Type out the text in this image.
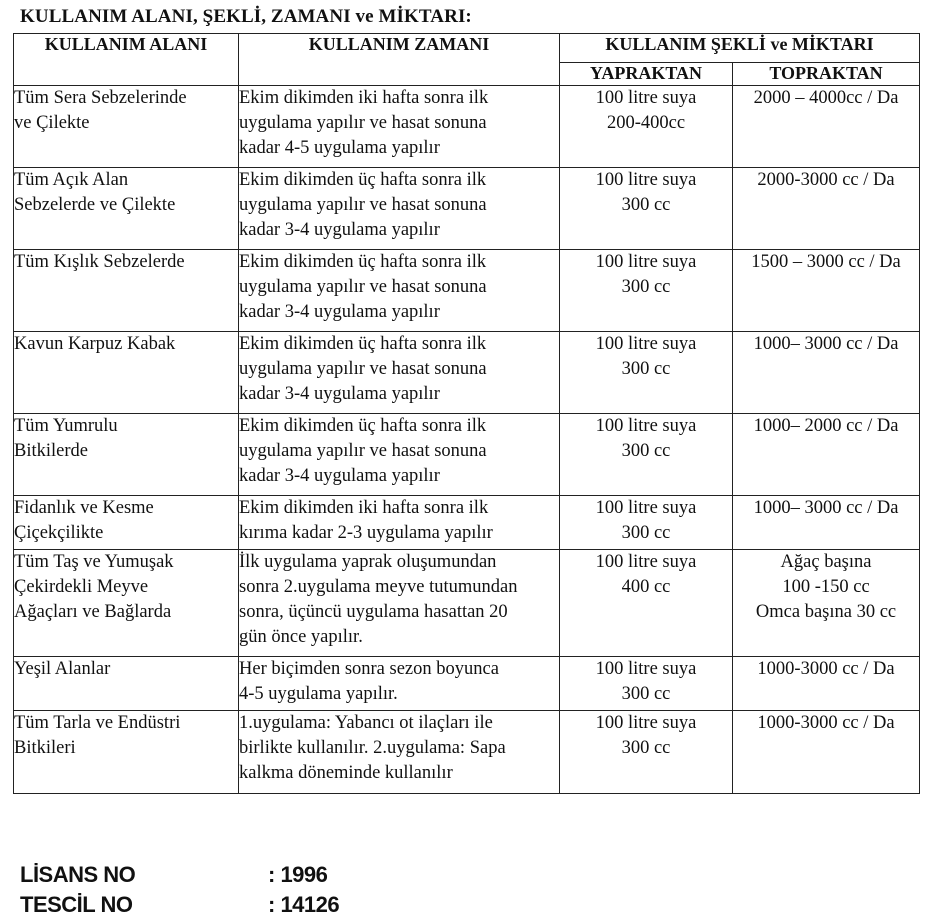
KULLANIM ALANI, ŞEKLİ, ZAMANI ve MİKTARI:
KULLANIM ALANI	KULLANIM ZAMANI	KULLANIM ŞEKLİ ve MİKTARI	
		YAPRAKTAN	TOPRAKTAN

Tüm Sera Sebzelerinde
ve Çilekte	Ekim dikimden iki hafta sonra ilk
uygulama yapılır ve hasat sonuna
kadar 4-5 uygulama yapılır	100 litre suya
200-400cc	2000 – 4000cc / Da

Tüm Açık Alan
Sebzelerde ve Çilekte	Ekim dikimden üç hafta sonra ilk
uygulama yapılır ve hasat sonuna
kadar 3-4 uygulama yapılır	100 litre suya
300 cc	2000-3000 cc / Da

Tüm Kışlık Sebzelerde	Ekim dikimden üç hafta sonra ilk
uygulama yapılır ve hasat sonuna
kadar 3-4 uygulama yapılır	100 litre suya
300 cc	1500 – 3000 cc / Da

Kavun Karpuz Kabak	Ekim dikimden üç hafta sonra ilk
uygulama yapılır ve hasat sonuna
kadar 3-4 uygulama yapılır	100 litre suya
300 cc	1000– 3000 cc / Da

Tüm Yumrulu
Bitkilerde	Ekim dikimden üç hafta sonra ilk
uygulama yapılır ve hasat sonuna
kadar 3-4 uygulama yapılır	100 litre suya
300 cc	1000– 2000 cc / Da

Fidanlık ve Kesme
Çiçekçilikte	Ekim dikimden iki hafta sonra ilk
kırıma kadar 2-3 uygulama yapılır	100 litre suya
300 cc	1000– 3000 cc / Da

Tüm Taş ve Yumuşak
Çekirdekli Meyve
Ağaçları ve Bağlarda	İlk uygulama yaprak oluşumundan
sonra 2.uygulama meyve tutumundan
sonra, üçüncü uygulama hasattan 20
gün önce yapılır.	100 litre suya
400 cc	Ağaç başına
100 ‑150 cc
Omca başına 30 cc

Yeşil Alanlar	Her biçimden sonra sezon boyunca
4-5 uygulama yapılır.	100 litre suya
300 cc	1000-3000 cc / Da

Tüm Tarla ve Endüstri
Bitkileri	1.uygulama: Yabancı ot ilaçları ile
birlikte kullanılır. 2.uygulama: Sapa
kalkma döneminde kullanılır	100 litre suya
300 cc	1000-3000 cc / Da
LİSANS NO	: 1996
TESCİL NO	: 14126
